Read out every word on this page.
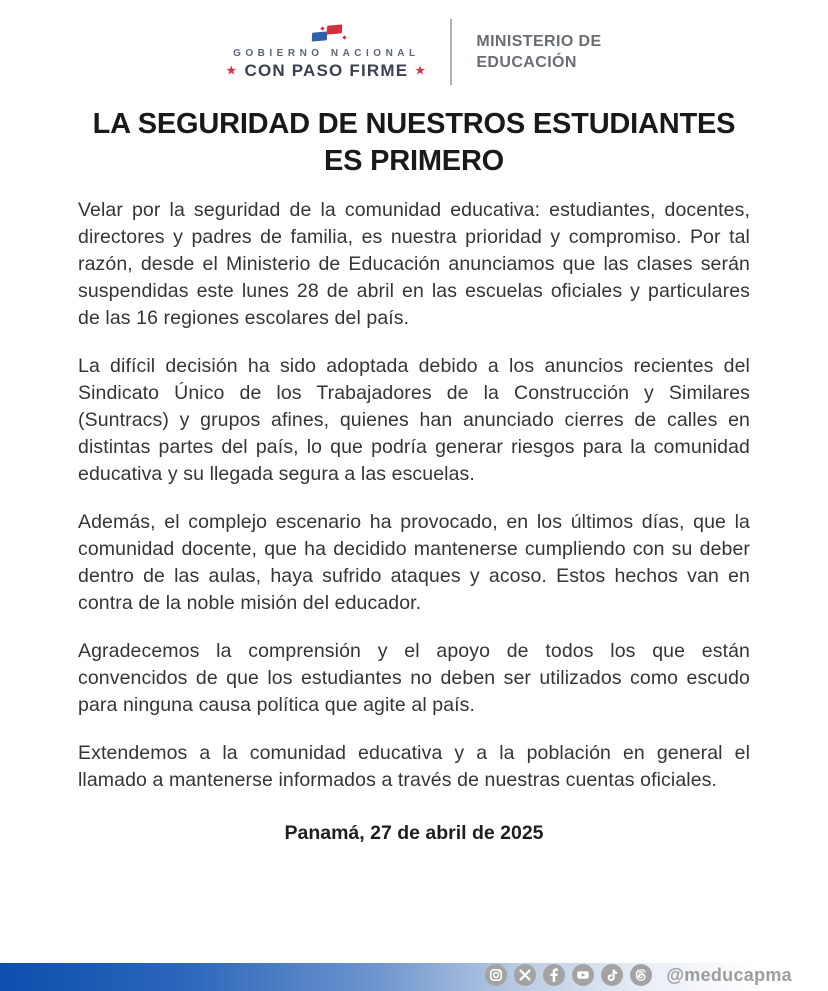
GOBIERNO NACIONAL
★ CON PASO FIRME ★
MINISTERIO DE
EDUCACIÓN
LA SEGURIDAD DE NUESTROS ESTUDIANTES
ES PRIMERO

Velar por la seguridad de la comunidad educativa: estudiantes, docentes, directores y padres de familia, es nuestra prioridad y compromiso. Por tal razón, desde el Ministerio de Educación anunciamos que las clases serán suspendidas este lunes 28 de abril en las escuelas oficiales y particulares de las 16 regiones escolares del país.

La difícil decisión ha sido adoptada debido a los anuncios recientes del Sindicato Único de los Trabajadores de la Construcción y Similares (Suntracs) y grupos afines, quienes han anunciado cierres de calles en distintas partes del país, lo que podría generar riesgos para la comunidad educativa y su llegada segura a las escuelas.

Además, el complejo escenario ha provocado, en los últimos días, que la comunidad docente, que ha decidido mantenerse cumpliendo con su deber dentro de las aulas, haya sufrido ataques y acoso. Estos hechos van en contra de la noble misión del educador.

Agradecemos la comprensión y el apoyo de todos los que están convencidos de que los estudiantes no deben ser utilizados como escudo para ninguna causa política que agite al país.

Extendemos a la comunidad educativa y a la población en general el llamado a mantenerse informados a través de nuestras cuentas oficiales.

Panamá, 27 de abril de 2025
@meducapma
